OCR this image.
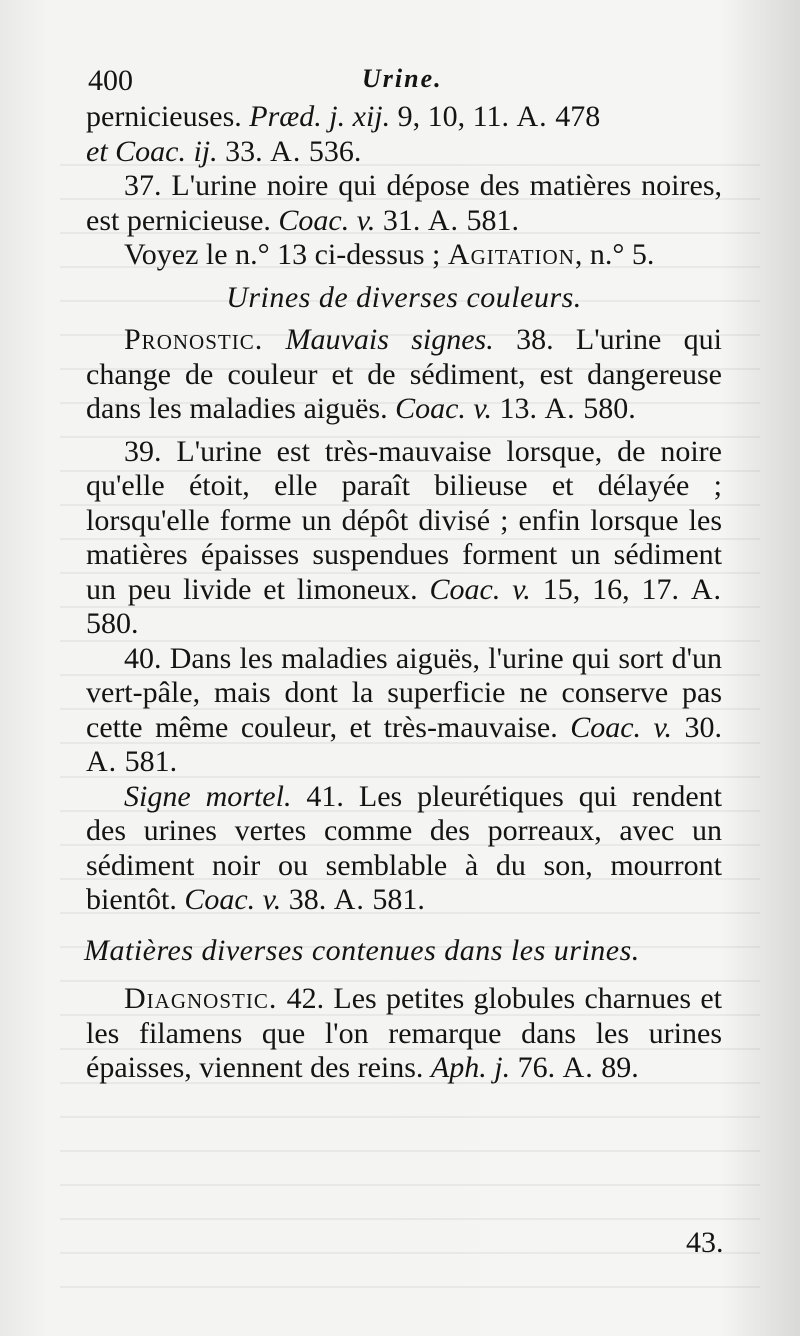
400	Urine.

pernicieuses. Præd. j. xij. 9, 10, 11. A. 478
et Coac. ij. 33. A. 536.

37. L'urine noire qui dépose des matières noires, est pernicieuse. Coac. v. 31. A. 581.

Voyez le n.° 13 ci-dessus ; Agitation, n.° 5.

Urines de diverses couleurs.

Pronostic. Mauvais signes. 38. L'urine qui change de couleur et de sédiment, est dangereuse dans les maladies aiguës. Coac. v. 13. A. 580.

39. L'urine est très-mauvaise lorsque, de noire qu'elle étoit, elle paraît bilieuse et délayée ; lorsqu'elle forme un dépôt divisé ; enfin lorsque les matières épaisses suspendues forment un sédiment un peu livide et limoneux. Coac. v. 15, 16, 17. A. 580.

40. Dans les maladies aiguës, l'urine qui sort d'un vert-pâle, mais dont la superficie ne conserve pas cette même couleur, et très-mauvaise. Coac. v. 30. A. 581.

Signe mortel. 41. Les pleurétiques qui rendent des urines vertes comme des porreaux, avec un sédiment noir ou semblable à du son, mourront bientôt. Coac. v. 38. A. 581.

Matières diverses contenues dans les urines.

Diagnostic. 42. Les petites globules charnues et les filamens que l'on remarque dans les urines épaisses, viennent des reins. Aph. j. 76. A. 89.

43.
